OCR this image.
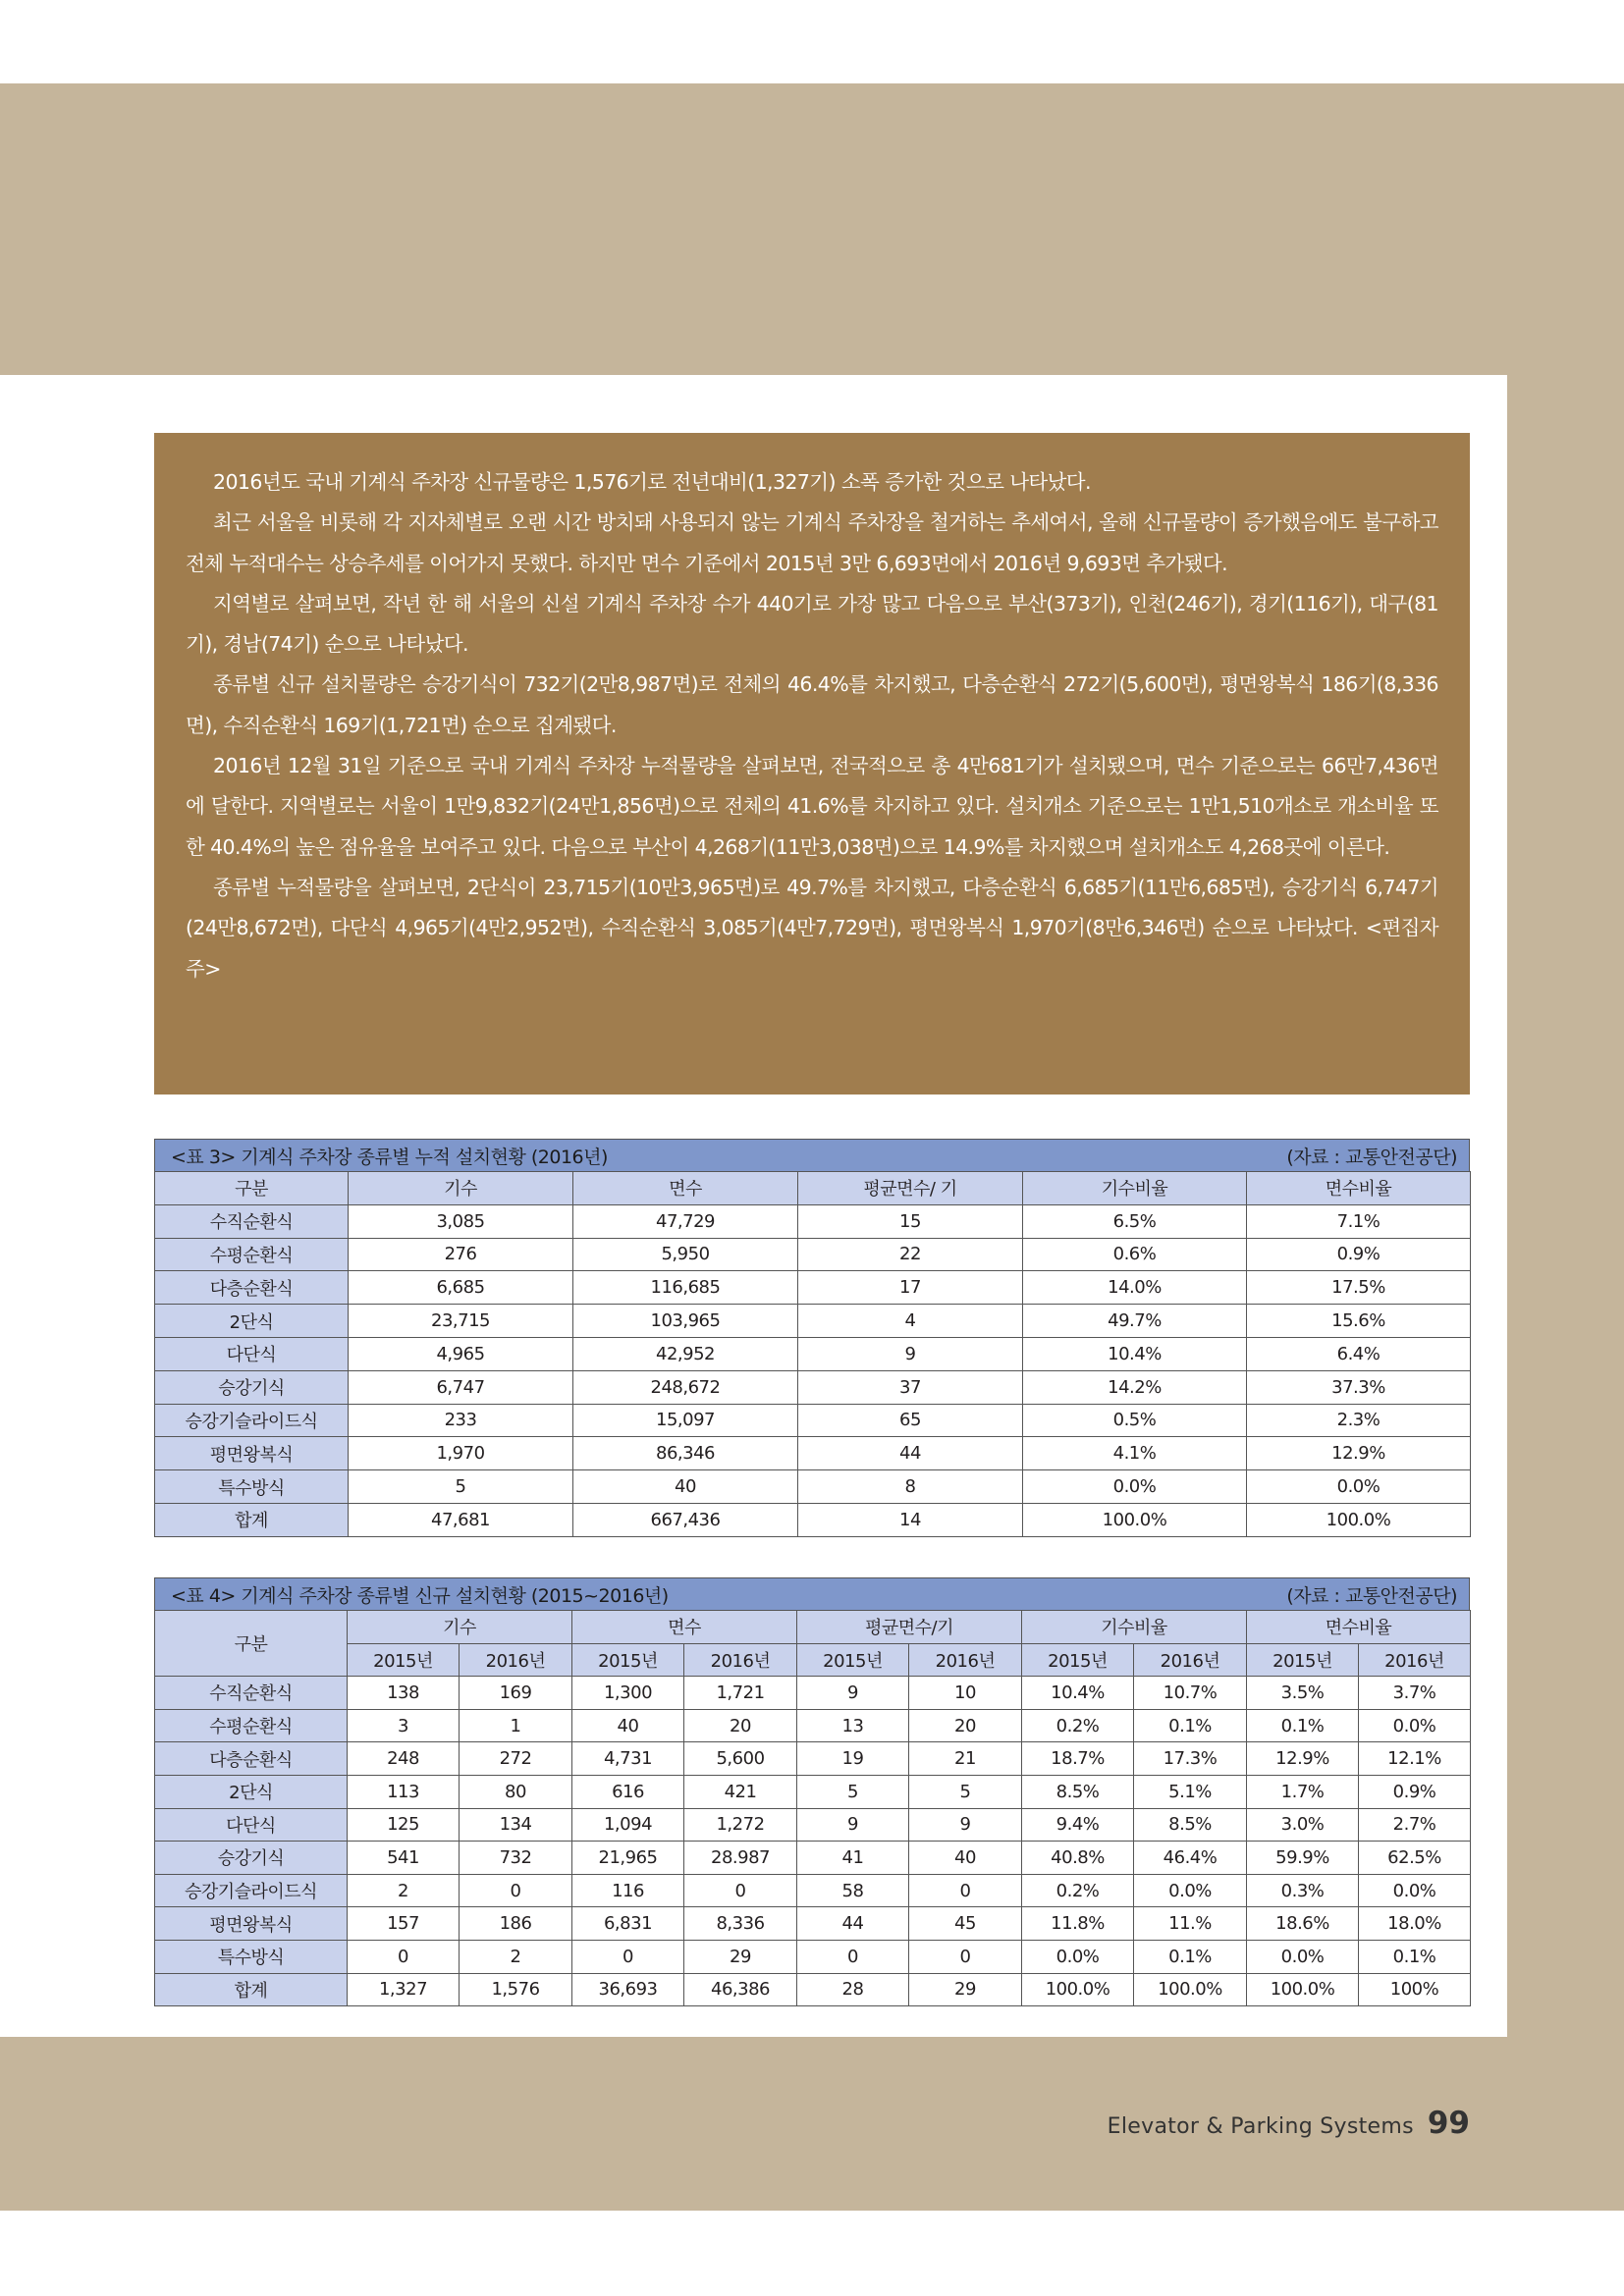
2016년도 국내 기계식 주차장 신규물량은 1,576기로 전년대비(1,327기) 소폭 증가한 것으로 나타났다.

최근 서울을 비롯해 각 지자체별로 오랜 시간 방치돼 사용되지 않는 기계식 주차장을 철거하는 추세여서, 올해 신규물량이 증가했음에도 불구하고 전체 누적대수는 상승추세를 이어가지 못했다. 하지만 면수 기준에서 2015년 3만 6,693면에서 2016년 9,693면 추가됐다.

지역별로 살펴보면, 작년 한 해 서울의 신설 기계식 주차장 수가 440기로 가장 많고 다음으로 부산(373기), 인천(246기), 경기(116기), 대구(81기), 경남(74기) 순으로 나타났다.

종류별 신규 설치물량은 승강기식이 732기(2만8,987면)로 전체의 46.4%를 차지했고, 다층순환식 272기(5,600면), 평면왕복식 186기(8,336면), 수직순환식 169기(1,721면) 순으로 집계됐다.

2016년 12월 31일 기준으로 국내 기계식 주차장 누적물량을 살펴보면, 전국적으로 총 4만681기가 설치됐으며, 면수 기준으로는 66만7,436면에 달한다. 지역별로는 서울이 1만9,832기(24만1,856면)으로 전체의 41.6%를 차지하고 있다. 설치개소 기준으로는 1만1,510개소로 개소비율 또한 40.4%의 높은 점유율을 보여주고 있다. 다음으로 부산이 4,268기(11만3,038면)으로 14.9%를 차지했으며 설치개소도 4,268곳에 이른다.

종류별 누적물량을 살펴보면, 2단식이 23,715기(10만3,965면)로 49.7%를 차지했고, 다층순환식 6,685기(11만6,685면), 승강기식 6,747기(24만8,672면), 다단식 4,965기(4만2,952면), 수직순환식 3,085기(4만7,729면), 평면왕복식 1,970기(8만6,346면) 순으로 나타났다. <편집자 주>

<표 3> 기계식 주차장 종류별 누적 설치현황 (2016년)	(자료 : 교통안전공단)
구분	기수	면수	평균면수/ 기	기수비율	면수비율
수직순환식	3,085	47,729	15	6.5%	7.1%
수평순환식	276	5,950	22	0.6%	0.9%
다층순환식	6,685	116,685	17	14.0%	17.5%
2단식	23,715	103,965	4	49.7%	15.6%
다단식	4,965	42,952	9	10.4%	6.4%
승강기식	6,747	248,672	37	14.2%	37.3%
승강기슬라이드식	233	15,097	65	0.5%	2.3%
평면왕복식	1,970	86,346	44	4.1%	12.9%
특수방식	5	40	8	0.0%	0.0%
합계	47,681	667,436	14	100.0%	100.0%
<표 4> 기계식 주차장 종류별 신규 설치현황 (2015~2016년)	(자료 : 교통안전공단)
구분	기수		면수		평균면수/기		기수비율		면수비율	
	2015년	2016년	2015년	2016년	2015년	2016년	2015년	2016년	2015년	2016년
수직순환식	138	169	1,300	1,721	9	10	10.4%	10.7%	3.5%	3.7%
수평순환식	3	1	40	20	13	20	0.2%	0.1%	0.1%	0.0%
다층순환식	248	272	4,731	5,600	19	21	18.7%	17.3%	12.9%	12.1%
2단식	113	80	616	421	5	5	8.5%	5.1%	1.7%	0.9%
다단식	125	134	1,094	1,272	9	9	9.4%	8.5%	3.0%	2.7%
승강기식	541	732	21,965	28.987	41	40	40.8%	46.4%	59.9%	62.5%
승강기슬라이드식	2	0	116	0	58	0	0.2%	0.0%	0.3%	0.0%
평면왕복식	157	186	6,831	8,336	44	45	11.8%	11.%	18.6%	18.0%
특수방식	0	2	0	29	0	0	0.0%	0.1%	0.0%	0.1%
합계	1,327	1,576	36,693	46,386	28	29	100.0%	100.0%	100.0%	100%
Elevator & Parking Systems 99
